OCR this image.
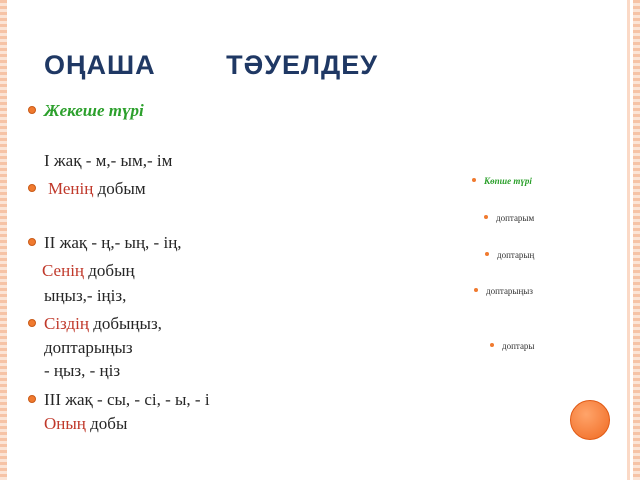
ОҢАША	ТӘУЕЛДЕУ
Жекеше түрі
І жақ - м,- ым,- ім
Менің добым
ІІ жақ - ң,- ың, - ің,
Сенің добың
ыңыз,- іңіз,
Сіздің добыңыз,
доптарыңыз
- ңыз, - ңіз
ІІІ жақ - сы, - сі, - ы, - і
Оның добы
Көпше түрі
доптарым
доптарың
доптарыңыз
доптары
